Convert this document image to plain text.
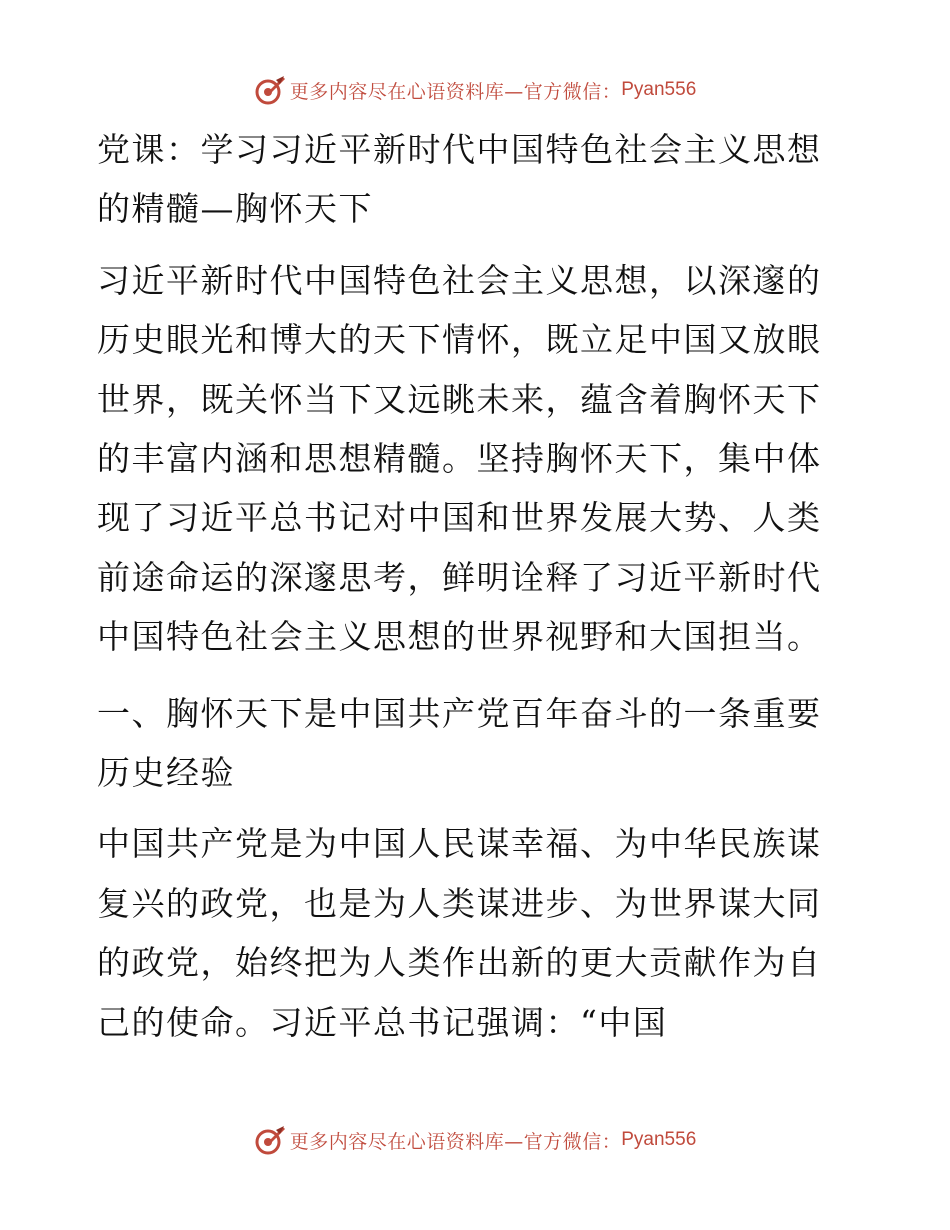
更多内容尽在心语资料库—官方微信： Pyan556

党课：学习习近平新时代中国特色社会主义思想的精髓—胸怀天下

习近平新时代中国特色社会主义思想，以深邃的历史眼光和博大的天下情怀，既立足中国又放眼世界，既关怀当下又远眺未来，蕴含着胸怀天下的丰富内涵和思想精髓。坚持胸怀天下，集中体现了习近平总书记对中国和世界发展大势、人类前途命运的深邃思考，鲜明诠释了习近平新时代中国特色社会主义思想的世界视野和大国担当。

一、胸怀天下是中国共产党百年奋斗的一条重要历史经验

中国共产党是为中国人民谋幸福、为中华民族谋复兴的政党，也是为人类谋进步、为世界谋大同的政党，始终把为人类作出新的更大贡献作为自己的使命。习近平总书记强调：“中国

更多内容尽在心语资料库—官方微信： Pyan556
